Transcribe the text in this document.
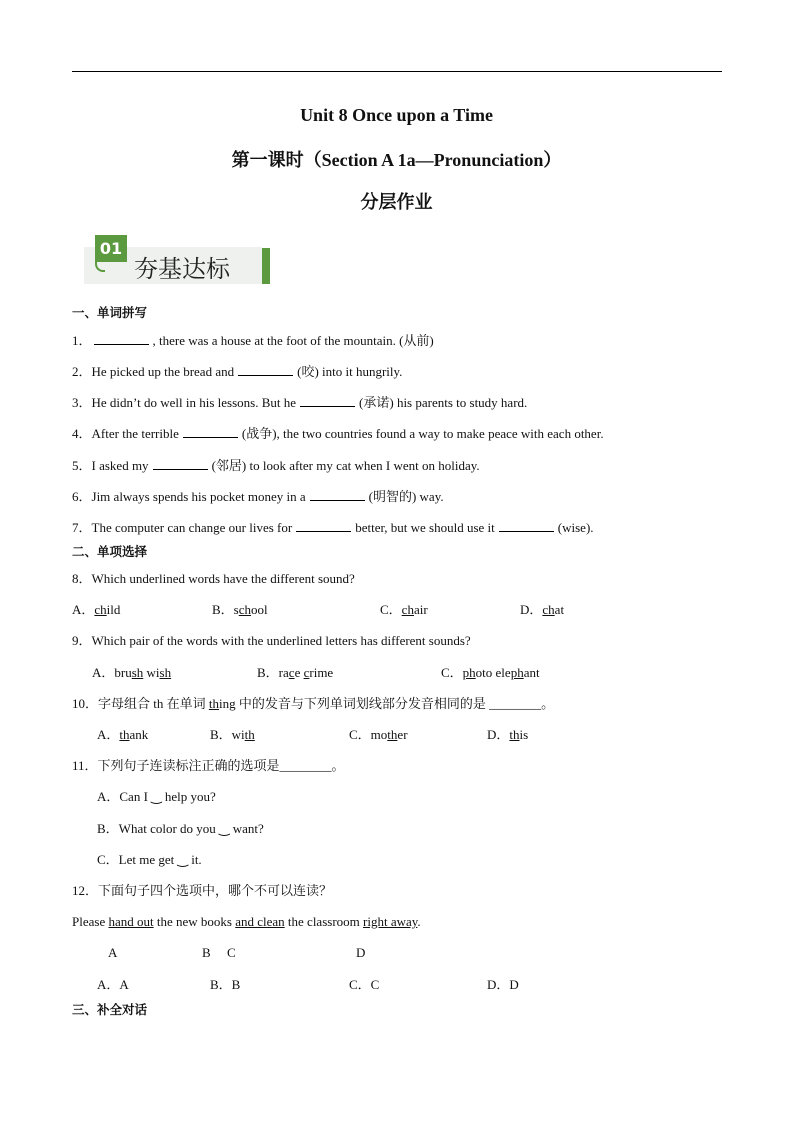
Unit 8 Once upon a Time
第一课时（Section A 1a—Pronunciation）
分层作业
01
夯基达标
一、单词拼写
1．	, there was a house at the foot of the mountain. (从前)
2．He picked up the bread and	(咬) into it hungrily.
3．He didn’t do well in his lessons. But he	(承诺) his parents to study hard.
4．After the terrible	(战争), the two countries found a way to make peace with each other.
5．I asked my	(邻居) to look after my cat when I went on holiday.
6．Jim always spends his pocket money in a	(明智的) way.
7．The computer can change our lives for	better, but we should use it	(wise).
二、单项选择
8．Which underlined words have the different sound?
A．child	B．school	C．chair	D．chat
9．Which pair of the words with the underlined letters has different sounds?
A．brush wish	B．race crime	C．photo elephant
10．字母组合 th 在单词 thing 中的发音与下列单词划线部分发音相同的是 ________。
A．thank	B．with	C．mother	D．this
11．下列句子连读标注正确的选项是________。
A．Can I ‿ help you?
B．What color do you ‿ want?
C．Let me get ‿ it.
12．下面句子四个选项中，哪个不可以连读？
Please hand out the new books and clean the classroom right away.
A	B C	D
A．A	B．B	C．C	D．D
三、补全对话
